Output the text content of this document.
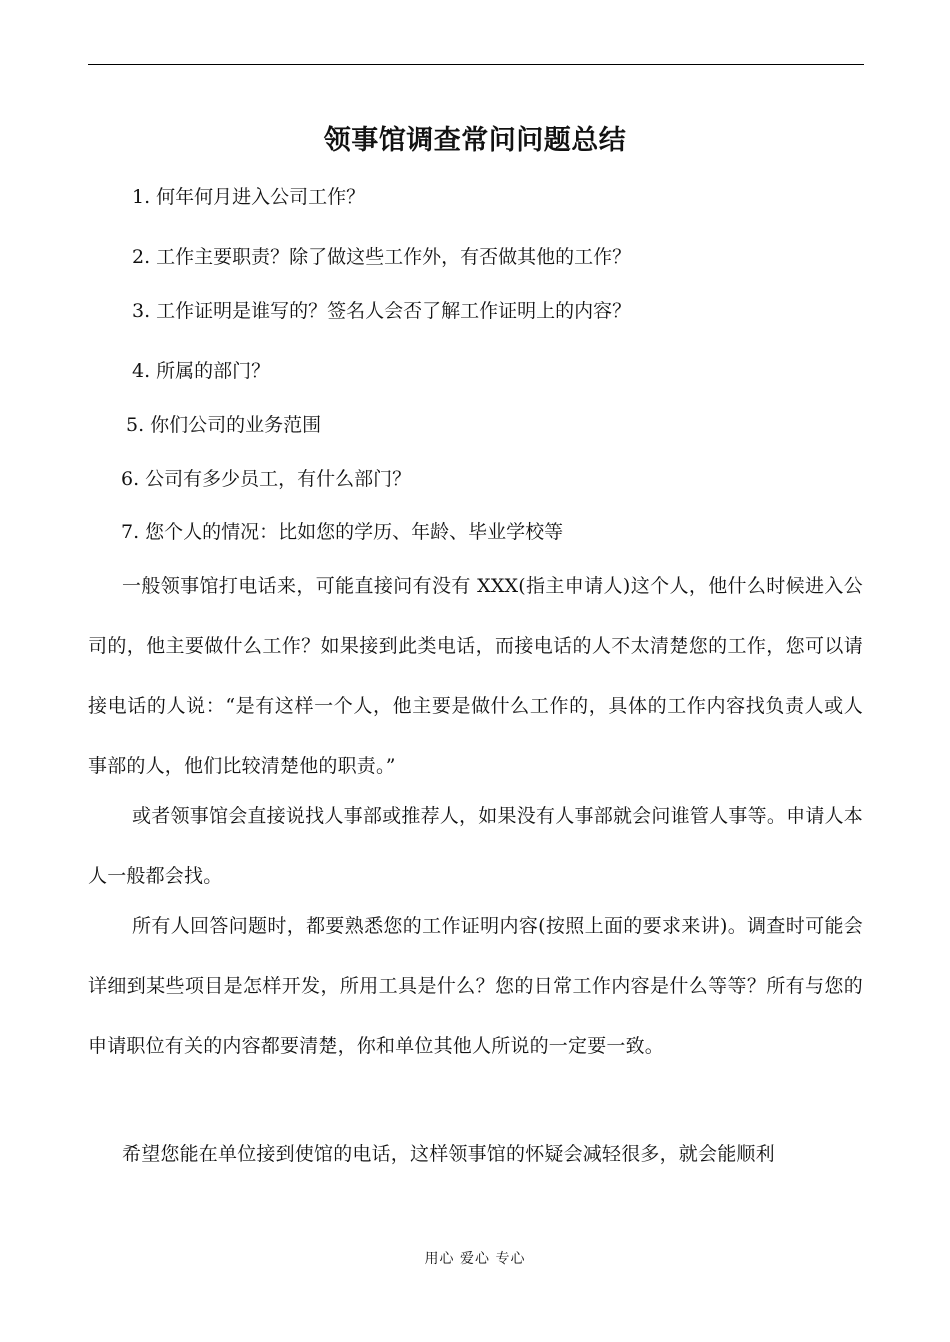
领事馆调查常问问题总结
1. 何年何月进入公司工作？
2. 工作主要职责？除了做这些工作外，有否做其他的工作？
3. 工作证明是谁写的？签名人会否了解工作证明上的内容？
4. 所属的部门？
5. 你们公司的业务范围
6. 公司有多少员工，有什么部门？
7. 您个人的情况：比如您的学历、年龄、毕业学校等
一般领事馆打电话来，可能直接问有没有 XXX(指主申请人)这个人，他什么时候进入公司的，他主要做什么工作？如果接到此类电话，而接电话的人不太清楚您的工作，您可以请接电话的人说：“是有这样一个人，他主要是做什么工作的，具体的工作内容找负责人或人事部的人，他们比较清楚他的职责。”
或者领事馆会直接说找人事部或推荐人，如果没有人事部就会问谁管人事等。申请人本人一般都会找。
所有人回答问题时，都要熟悉您的工作证明内容(按照上面的要求来讲)。调查时可能会详细到某些项目是怎样开发，所用工具是什么？您的日常工作内容是什么等等？所有与您的申请职位有关的内容都要清楚，你和单位其他人所说的一定要一致。
希望您能在单位接到使馆的电话，这样领事馆的怀疑会减轻很多，就会能顺利
用心 爱心 专心
